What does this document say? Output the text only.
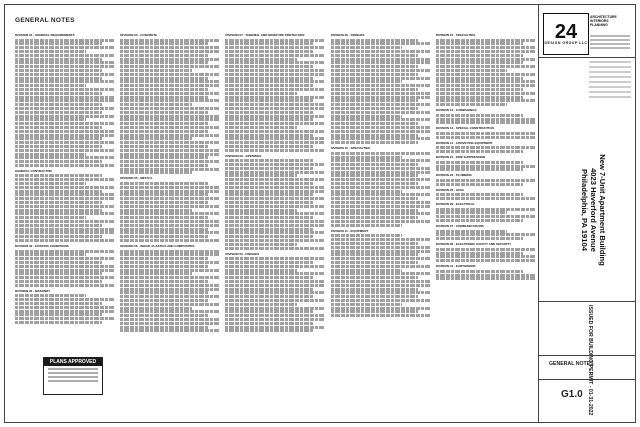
GENERAL NOTES
DIVISION 01 - GENERAL REQUIREMENTS
GENERAL CONTRACTOR
DIVISION 02 - EXISTING CONDITIONS
DIVISION 04 - MASONRY
DIVISION 03 - CONCRETE
DIVISION 05 - METALS
DIVISION 06 - WOOD, PLASTICS AND COMPOSITES
DIVISION 07 - THERMAL AND MOISTURE PROTECTION
DIVISION 08 - OPENINGS
DIVISION 09 - FINISHES
DIVISION 09 - FINISHES
DIVISION 10 - SPECIALTIES
DIVISION 11 - EQUIPMENT
DIVISION 10 - SPECIALTIES
DIVISION 12 - FURNISHINGS
DIVISION 13 - SPECIAL CONSTRUCTION
DIVISION 14 - CONVEYING EQUIPMENT
DIVISION 21 - FIRE SUPPRESSION
DIVISION 22 - PLUMBING
DIVISION 23 - HVAC
DIVISION 26 - ELECTRICAL
DIVISION 27 - COMMUNICATIONS
DIVISION 28 - ELECTRONIC SAFETY AND SECURITY
DIVISION 31 - EARTHWORK
PLANS APPROVED
24
DESIGN GROUP LLC
ARCHITECTURE
INTERIORS
PLANNING
New 7-Unit Apartment Building
4023 Haverford Avenue
Philadelphia, PA 19104
ISSUED FOR BUILDING PERMIT - 01-31-2022
GENERAL NOTES
G1.0
